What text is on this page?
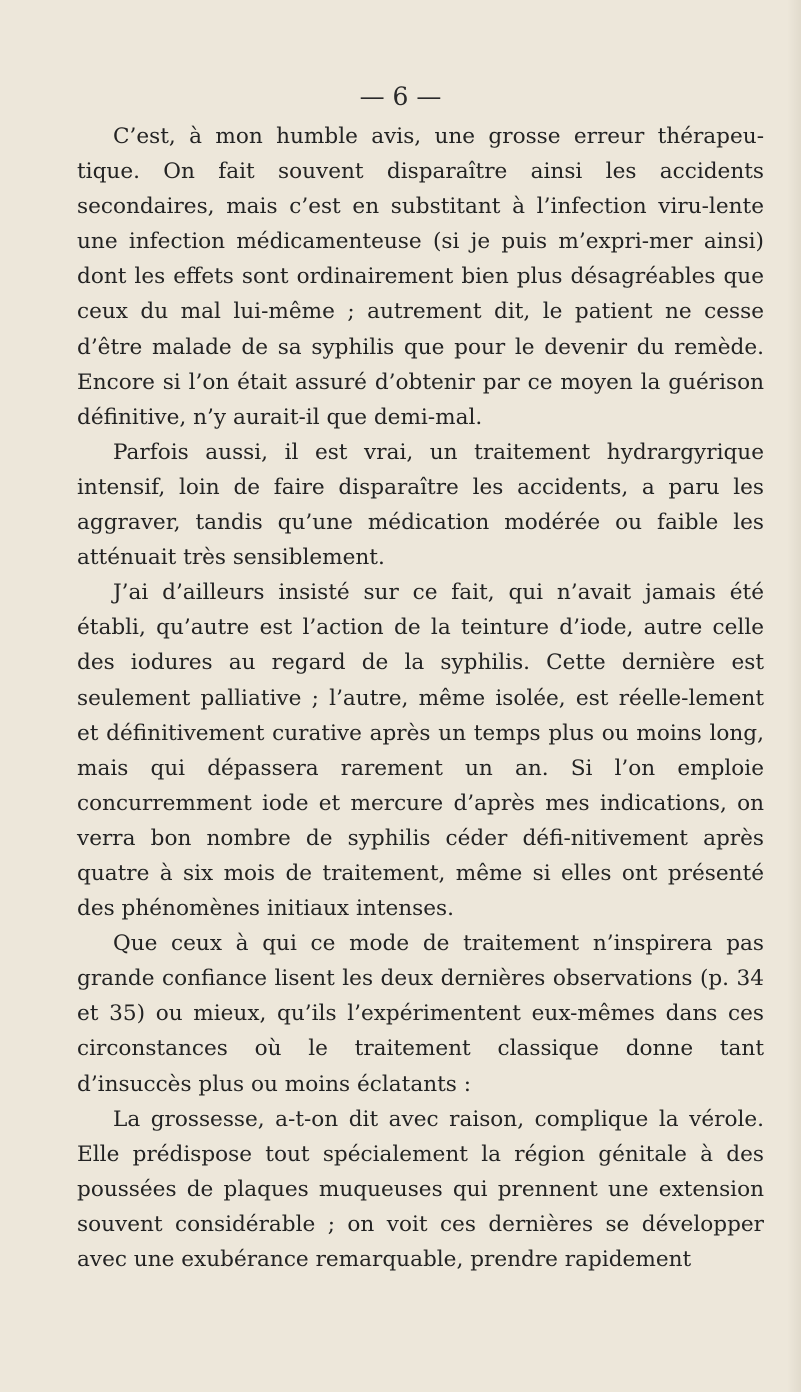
— 6 —

C’est, à mon humble avis, une grosse erreur thérapeu-tique. On fait souvent disparaître ainsi les accidents secondaires, mais c’est en substitant à l’infection viru-lente une infection médicamenteuse (si je puis m’expri-mer ainsi) dont les effets sont ordinairement bien plus désagréables que ceux du mal lui-même ; autrement dit, le patient ne cesse d’être malade de sa syphilis que pour le devenir du remède. Encore si l’on était assuré d’obtenir par ce moyen la guérison définitive, n’y aurait-il que demi-mal.

Parfois aussi, il est vrai, un traitement hydrargyrique intensif, loin de faire disparaître les accidents, a paru les aggraver, tandis qu’une médication modérée ou faible les atténuait très sensiblement.

J’ai d’ailleurs insisté sur ce fait, qui n’avait jamais été établi, qu’autre est l’action de la teinture d’iode, autre celle des iodures au regard de la syphilis. Cette dernière est seulement palliative ; l’autre, même isolée, est réelle-lement et définitivement curative après un temps plus ou moins long, mais qui dépassera rarement un an. Si l’on emploie concurremment iode et mercure d’après mes indications, on verra bon nombre de syphilis céder défi-nitivement après quatre à six mois de traitement, même si elles ont présenté des phénomènes initiaux intenses.

Que ceux à qui ce mode de traitement n’inspirera pas grande confiance lisent les deux dernières observations (p. 34 et 35) ou mieux, qu’ils l’expérimentent eux-mêmes dans ces circonstances où le traitement classique donne tant d’insuccès plus ou moins éclatants :

La grossesse, a-t-on dit avec raison, complique la vérole. Elle prédispose tout spécialement la région génitale à des poussées de plaques muqueuses qui prennent une extension souvent considérable ; on voit ces dernières se développer avec une exubérance remarquable, prendre rapidement
